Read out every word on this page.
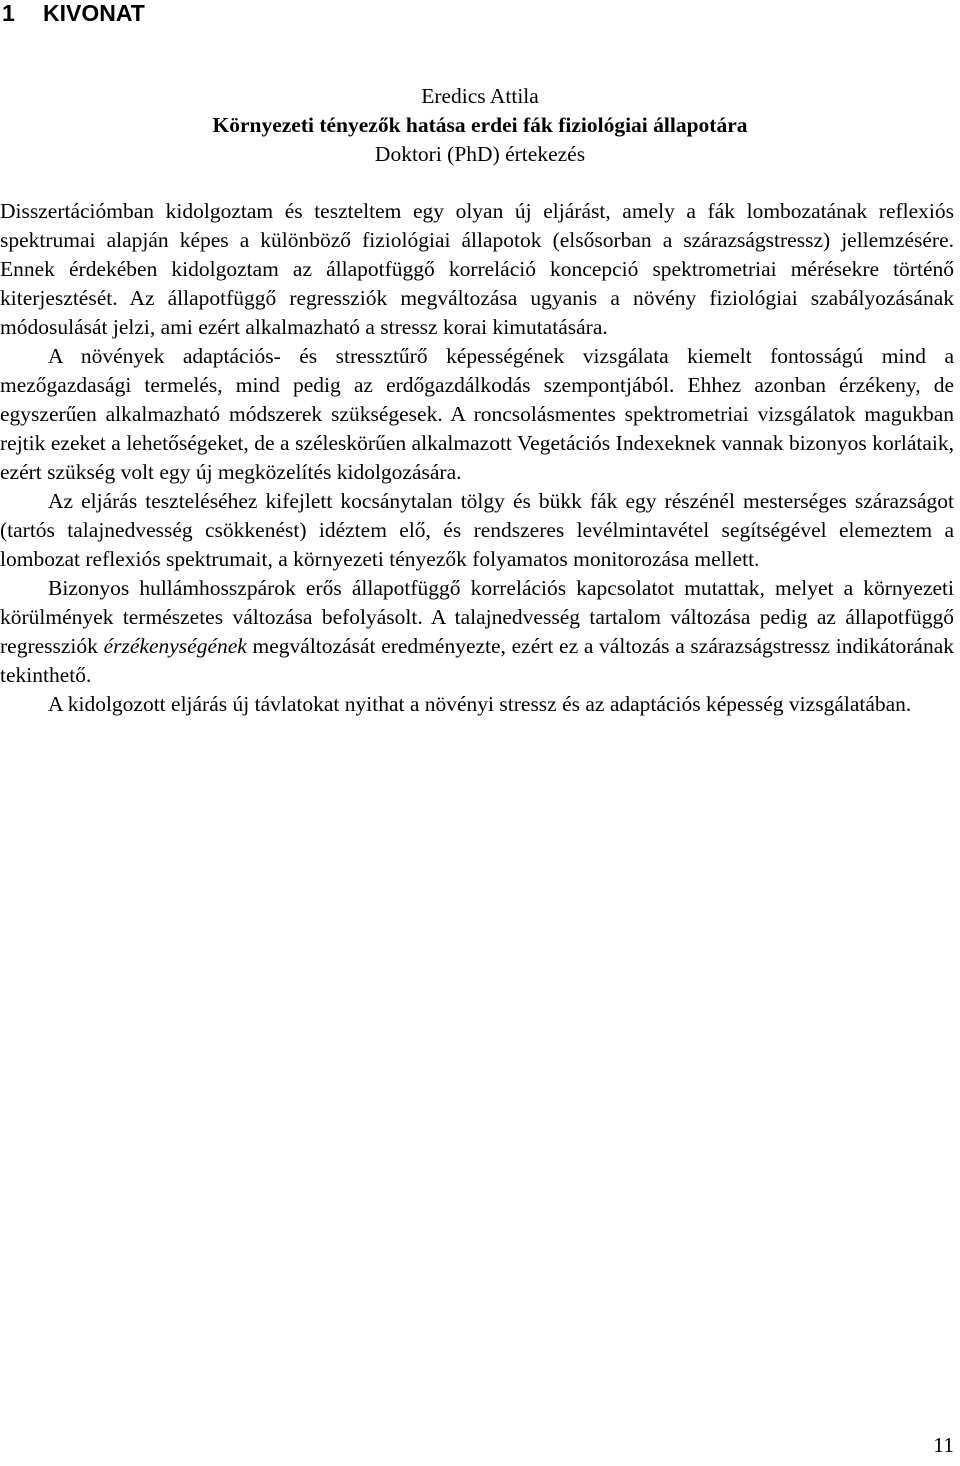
1 KIVONAT
Eredics Attila
Környezeti tényezők hatása erdei fák fiziológiai állapotára
Doktori (PhD) értekezés

Disszertációmban kidolgoztam és teszteltem egy olyan új eljárást, amely a fák lombozatának reflexiós spektrumai alapján képes a különböző fiziológiai állapotok (elsősorban a szárazságstressz) jellemzésére. Ennek érdekében kidolgoztam az állapotfüggő korreláció koncepció spektrometriai mérésekre történő kiterjesztését. Az állapotfüggő regressziók megváltozása ugyanis a növény fiziológiai szabályozásának módosulását jelzi, ami ezért alkalmazható a stressz korai kimutatására.

A növények adaptációs- és stressztűrő képességének vizsgálata kiemelt fontosságú mind a mezőgazdasági termelés, mind pedig az erdőgazdálkodás szempontjából. Ehhez azonban érzékeny, de egyszerűen alkalmazható módszerek szükségesek. A roncsolásmentes spektrometriai vizsgálatok magukban rejtik ezeket a lehetőségeket, de a széleskörűen alkalmazott Vegetációs Indexeknek vannak bizonyos korlátaik, ezért szükség volt egy új megközelítés kidolgozására.

Az eljárás teszteléséhez kifejlett kocsánytalan tölgy és bükk fák egy részénél mesterséges szárazságot (tartós talajnedvesség csökkenést) idéztem elő, és rendszeres levélmintavétel segítségével elemeztem a lombozat reflexiós spektrumait, a környezeti tényezők folyamatos monitorozása mellett.

Bizonyos hullámhosszpárok erős állapotfüggő korrelációs kapcsolatot mutattak, melyet a környezeti körülmények természetes változása befolyásolt. A talajnedvesség tartalom változása pedig az állapotfüggő regressziók érzékenységének megváltozását eredményezte, ezért ez a változás a szárazságstressz indikátorának tekinthető.

A kidolgozott eljárás új távlatokat nyithat a növényi stressz és az adaptációs képesség vizsgálatában.

11
